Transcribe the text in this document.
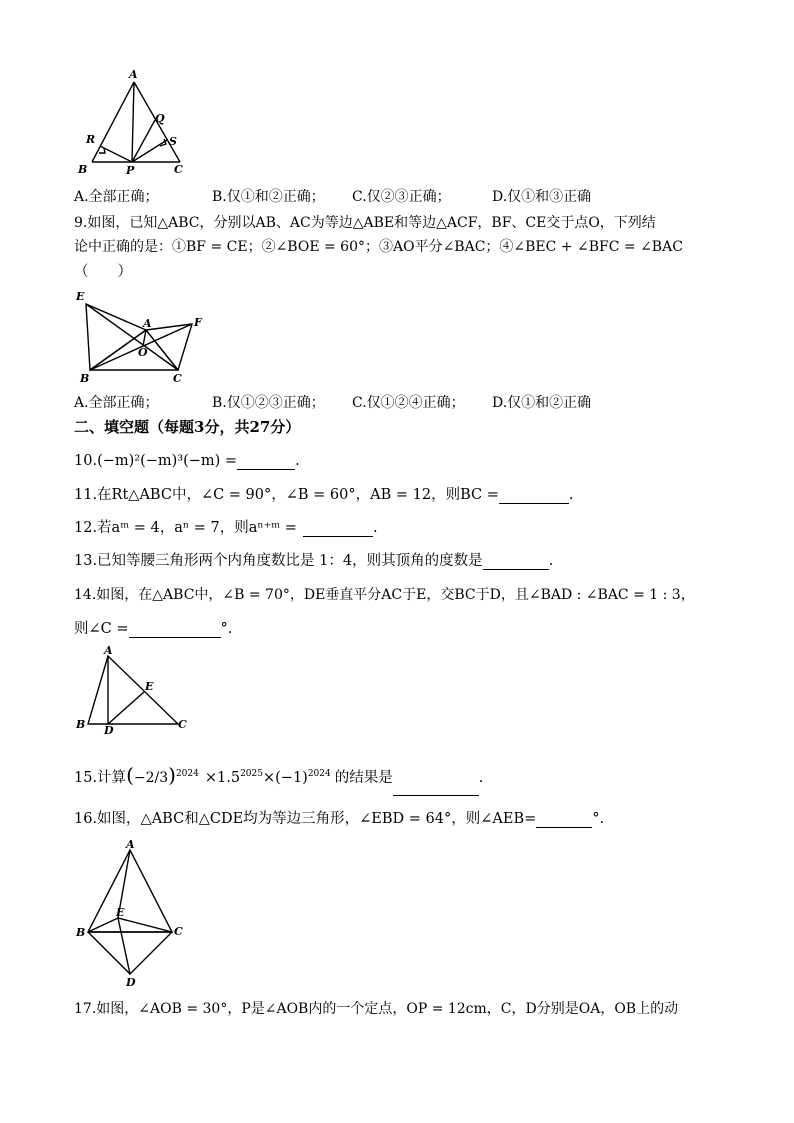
A
R
Q
S
B	P	C
A.全部正确；	B.仅①和②正确； C.仅②③正确；	D.仅①和③正确
9.如图，已知△ABC，分别以AB、AC为等边△ABE和等边△ACF，BF、CE交于点O，下列结
论中正确的是：①BF = CE；②∠BOE = 60°；③AO平分∠BAC；④∠BEC + ∠BFC = ∠BAC
（　　）
E
A	F
O
B	C
A.全部正确；	B.仅①②③正确； C.仅①②④正确； D.仅①和②正确
二、填空题（每题3分，共27分）
10.(−m)²(−m)³(−m) =	.
11.在Rt△ABC中，∠C = 90°，∠B = 60°，AB = 12，则BC =	.
12.若aᵐ = 4，aⁿ = 7，则aⁿ⁺ᵐ =	.
13.已知等腰三角形两个内角度数比是 1：4，则其顶角的度数是	.
14.如图，在△ABC中，∠B = 70°，DE垂直平分AC于E，交BC于D，且∠BAD : ∠BAC = 1 : 3，
则∠C =	°.
A
E
B D	C
15.计算$(-2/3)^{2024} \times 1.5^{2025}\times(-1)^{2024}$ 的结果是	.
16.如图，△ABC和△CDE均为等边三角形，∠EBD = 64°，则∠AEB=	°.
A
E
B	C
D
17.如图，∠AOB = 30°，P是∠AOB内的一个定点，OP = 12cm，C，D分别是OA，OB上的动
